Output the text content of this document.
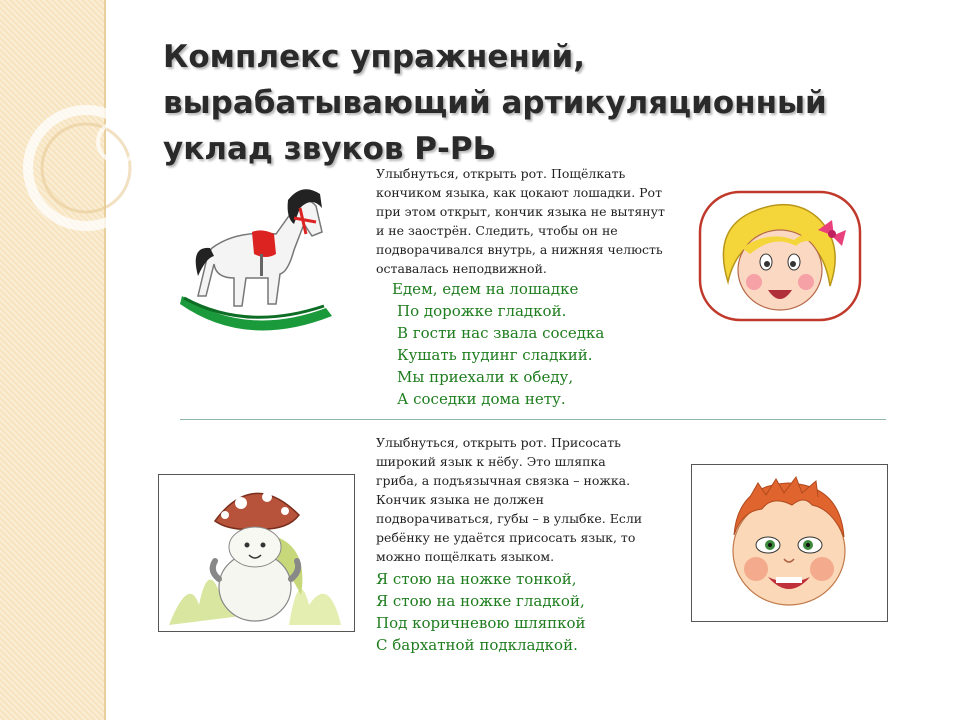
Комплекс упражнений,
вырабатывающий артикуляционный
уклад звуков Р-РЬ
Улыбнуться, открыть рот. Пощёлкать
кончиком языка, как цокают лошадки. Рот
при этом открыт, кончик языка не вытянут
и не заострён. Следить, чтобы он не
подворачивался внутрь, а нижняя челюсть
оставалась неподвижной.
Едем, едем на лошадке
По дорожке гладкой.
В гости нас звала соседка
Кушать пудинг сладкий.
Мы приехали к обеду,
А соседки дома нету.
Улыбнуться, открыть рот. Присосать
широкий язык к нёбу. Это шляпка
гриба, а подъязычная связка – ножка.
Кончик языка не должен
подворачиваться, губы – в улыбке. Если
ребёнку не удаётся присосать язык, то
можно пощёлкать языком.
Я стою на ножке тонкой,
Я стою на ножке гладкой,
Под коричневою шляпкой
С бархатной подкладкой.
